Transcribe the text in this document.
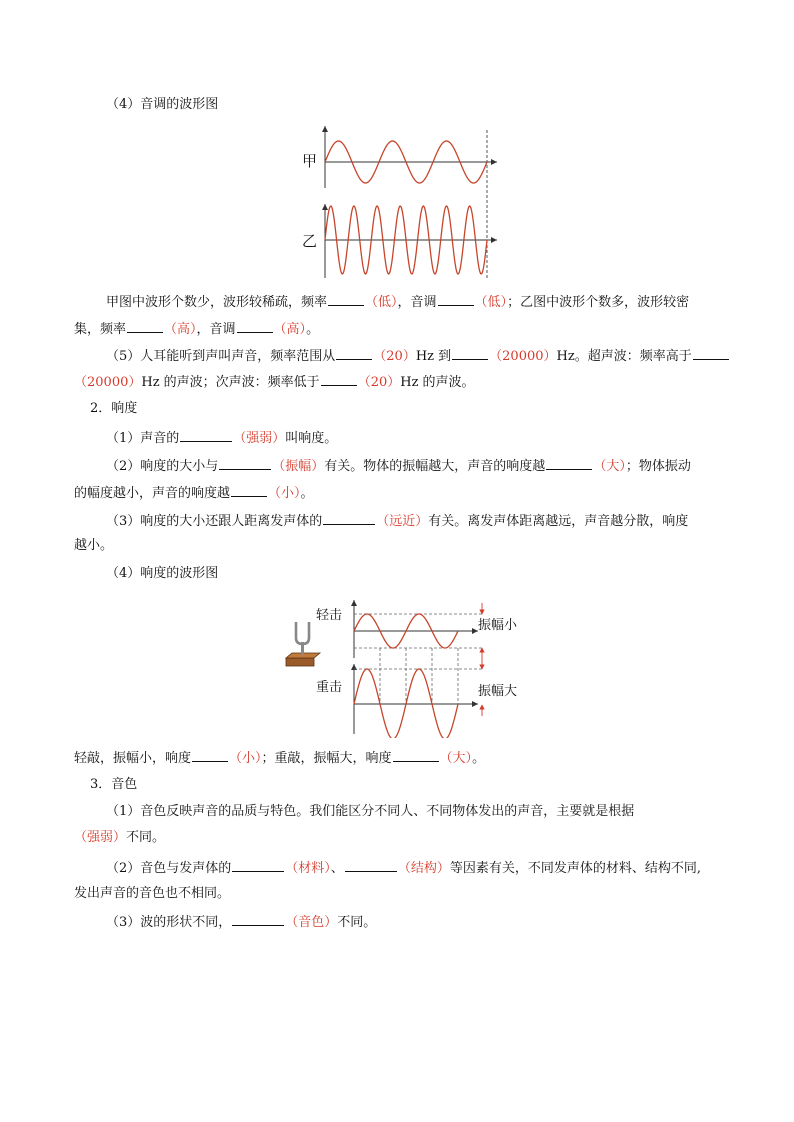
（4）音调的波形图
甲
乙
甲图中波形个数少，波形较稀疏，频率	（低），音调	（低）；乙图中波形个数多，波形较密
集，频率	（高），音调	（高）。
（5）人耳能听到声叫声音，频率范围从	（20）Hz 到	（20000）Hz。超声波：频率高于
（20000）Hz 的声波；次声波：频率低于	（20）Hz 的声波。
2．响度
（1）声音的	（强弱）叫响度。
（2）响度的大小与	（振幅）有关。物体的振幅越大，声音的响度越	（大）；物体振动
的幅度越小，声音的响度越	（小）。
（3）响度的大小还跟人距离发声体的	（远近）有关。离发声体距离越远，声音越分散，响度
越小。
（4）响度的波形图
轻击
重击
振幅小
振幅大
轻敲，振幅小，响度	（小）；重敲，振幅大，响度	（大）。
3．音色
（1）音色反映声音的品质与特色。我们能区分不同人、不同物体发出的声音，主要就是根据
（强弱）不同。
（2）音色与发声体的	（材料）、	（结构）等因素有关，不同发声体的材料、结构不同,
发出声音的音色也不相同。
（3）波的形状不同，	（音色）不同。
